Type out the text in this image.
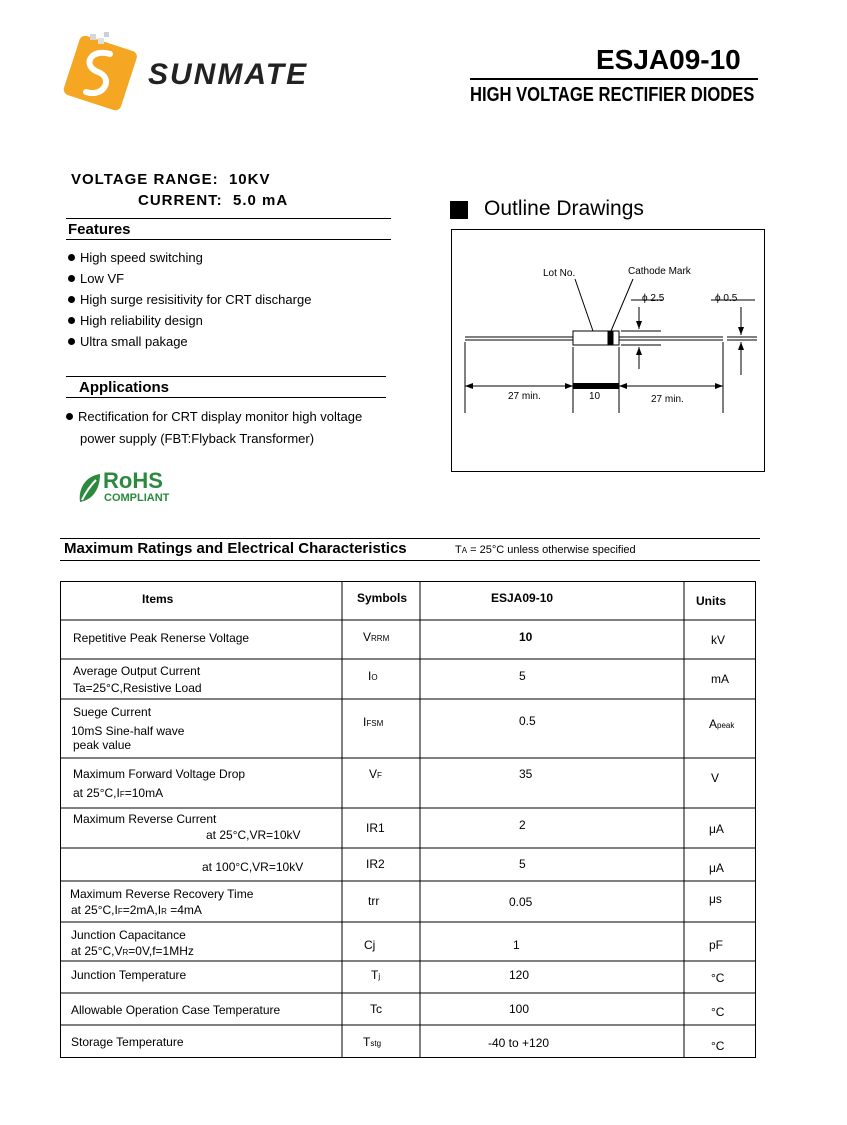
SUNMATE	ESJA09-10
HIGH VOLTAGE RECTIFIER DIODES
VOLTAGE RANGE: 10KV
CURRENT: 5.0 mA
Features
High speed switching
Low VF
High surge resisitivity for CRT discharge
High reliability design
Ultra small pakage
Applications
Rectification for CRT display monitor high voltage
power supply (FBT:Flyback Transformer)
RoHS
COMPLIANT
Outline Drawings
Lot No.	Cathode Mark
ϕ 2.5	ϕ 0.5
27 min.	10	27 min.
Maximum Ratings and Electrical Characteristics	TA = 25°C unless otherwise specified
Items	Symbols	ESJA09-10	Units
Repetitive Peak Renerse Voltage	VRRM	10	kV
Average Output Current
Ta=25°C,Resistive Load
IO	5	mA
Suege Current
10mS Sine-half wave
peak value
IFSM	0.5	Apeak
Maximum Forward Voltage Drop
at 25°C,IF=10mA
VF	35	V
Maximum Reverse Current
at 25°C,VR=10kV	IR1	2	μA
at 100°C,VR=10kV	IR2	5	μA
Maximum Reverse Recovery Time
at 25°C,IF=2mA,IR =4mA
trr	0.05	μs
Junction Capacitance
at 25°C,VR=0V,f=1MHz	Cj	1	pF
Junction Temperature	Tj	120	°C
Allowable Operation Case Temperature	Tc	100	°C
Storage Temperature	Tstg	-40 to +120	°C
